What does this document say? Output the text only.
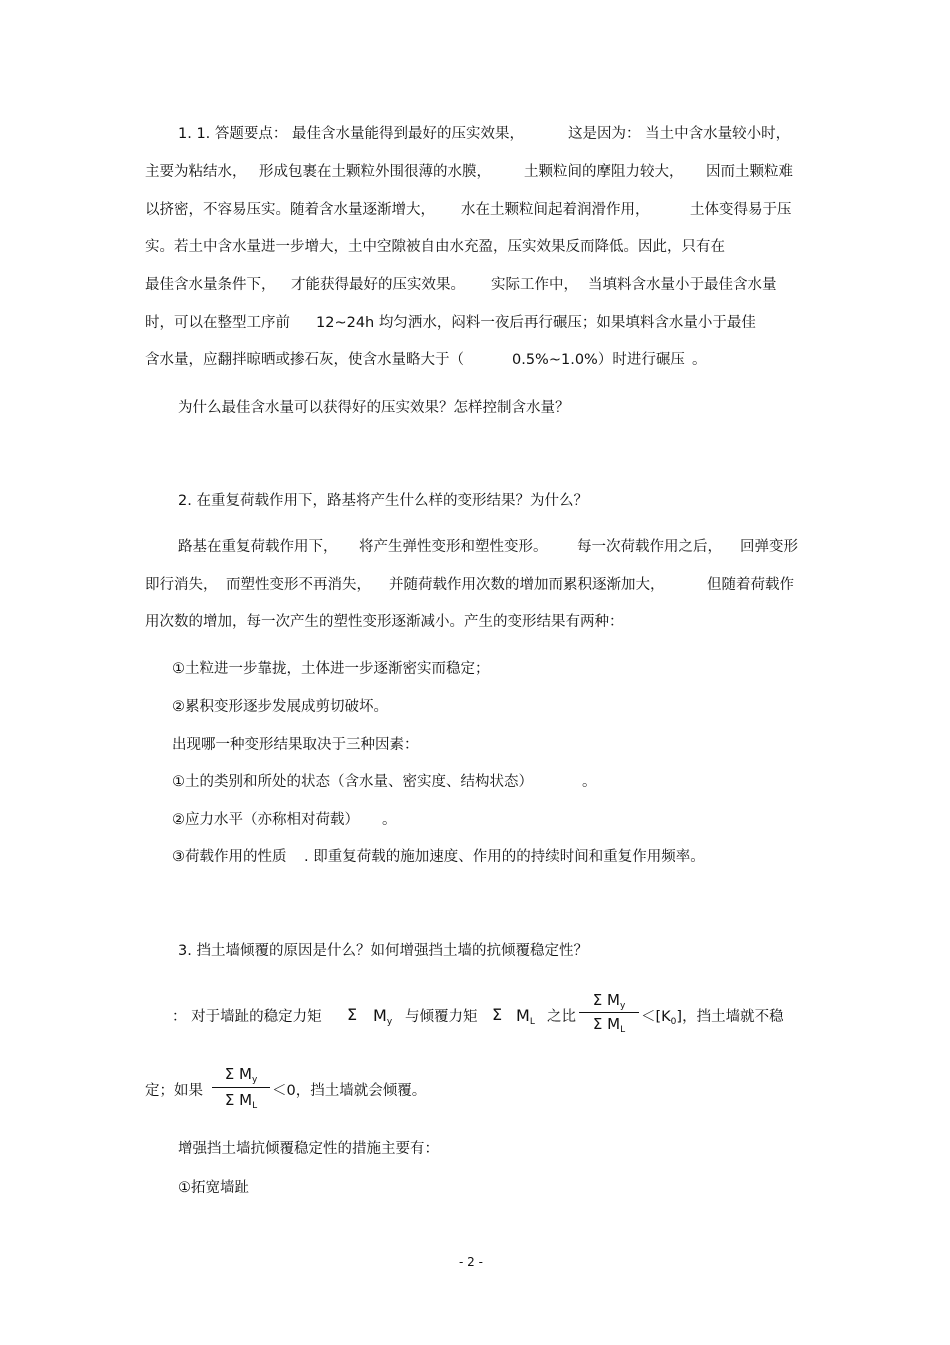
1. 1. 答题要点： 最佳含水量能得到最好的压实效果，	这是因为： 当土中含水量较小时，
主要为粘结水， 形成包裹在土颗粒外围很薄的水膜， 土颗粒间的摩阻力较大， 因而土颗粒难
以挤密，不容易压实。随着含水量逐渐增大， 水在土颗粒间起着润滑作用，	土体变得易于压
实。若土中含水量进一步增大，土中空隙被自由水充盈，压实效果反而降低。因此，只有在
最佳含水量条件下， 才能获得最好的压实效果。 实际工作中， 当填料含水量小于最佳含水量
时，可以在整型工序前 12~24h 均匀洒水，闷料一夜后再行碾压；如果填料含水量小于最佳
含水量，应翻拌晾晒或掺石灰，使含水量略大于（	0.5%~1.0%）时进行碾压 。
为什么最佳含水量可以获得好的压实效果？怎样控制含水量？
2. 在重复荷载作用下，路基将产生什么样的变形结果？为什么？
路基在重复荷载作用下， 将产生弹性变形和塑性变形。 每一次荷载作用之后， 回弹变形
即行消失， 而塑性变形不再消失， 并随荷载作用次数的增加而累积逐渐加大，	但随着荷载作
用次数的增加，每一次产生的塑性变形逐渐减小。产生的变形结果有两种：
①土粒进一步靠拢，土体进一步逐渐密实而稳定；
②累积变形逐步发展成剪切破坏。
出现哪一种变形结果取决于三种因素：
①土的类别和所处的状态（含水量、密实度、结构状态）	。
②应力水平（亦称相对荷载） 。
③荷载作用的性质 . 即重复荷载的施加速度、作用的的持续时间和重复作用频率。
3. 挡土墙倾覆的原因是什么？如何增强挡土墙的抗倾覆稳定性？
： 对于墙趾的稳定力矩 Σ $M_y$ 与倾覆力矩 Σ $M_L$ 之比
Σ $M_y$
Σ $M_L$
$<[K_0]$，挡土墙就不稳
定；如果
Σ $M_y$
Σ $M_L$
＜0，挡土墙就会倾覆。
增强挡土墙抗倾覆稳定性的措施主要有：
①拓宽墙趾
- 2 -
